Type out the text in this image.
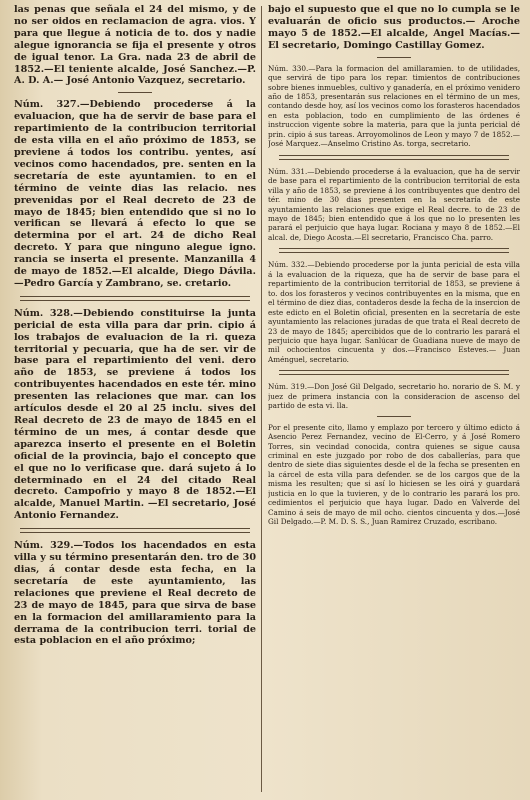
las penas que señala el 24 del mismo, y de no ser oidos en reclamacion de agra. vios. Y para que llegue á noticia de to. dos y nadie alegue ignorancia se fija el presente y otros de igual tenor. La Gra. nada 23 de abril de 1852.—El teniente alcalde, José Sanchez.—P. A. D. A.— José Antonio Vazquez, secretario.

Núm. 327.—Debiendo procederse á la evaluacion, que ha de servir de base para el repartimiento de la contribucion territorial de esta villa en el año próximo de 1853, se previene á todos los contribu. yentes, así vecinos como hacendados, pre. senten en la secretaría de este ayuntamien. to en el término de veinte dias las relacio. nes prevenidas por el Real decreto de 23 de mayo de 1845; bien entendido que si no lo verifican se llevará á efecto lo que se determina por el art. 24 de dicho Real decreto. Y para que ninguno alegue igno. rancia se inserta el presente. Manzanilla 4 de mayo de 1852.—El alcalde, Diego Dávila.—Pedro García y Zambrano, se. cretario.

Núm. 328.—Debiendo constituirse la junta pericial de esta villa para dar prin. cipio á los trabajos de evaluacion de la ri. queza territorial y pecuaria, que ha de ser. vir de base para el repartimiento del veni. dero año de 1853, se previene á todos los contribuyentes hacendados en este tér. mino presenten las relaciones que mar. can los artículos desde el 20 al 25 inclu. sives del Real decreto de 23 de mayo de 1845 en el término de un mes, á contar desde que aparezca inserto el presente en el Boletin oficial de la provincia, bajo el concepto que el que no lo verificase que. dará sujeto á lo determinado en el 24 del citado Real decreto. Campofrio y mayo 8 de 1852.—El alcalde, Manuel Martin. —El secretario, José Antonio Fernandez.

Núm. 329.—Todos los hacendados en esta villa y su término presentarán den. tro de 30 dias, á contar desde esta fecha, en la secretaría de este ayuntamiento, las relaciones que previene el Real decreto de 23 de mayo de 1845, para que sirva de base en la formacion del amillaramiento para la derrama de la contribucion terri. torial de esta poblacion en el año próximo;

bajo el supuesto que el que no lo cumpla se le evaluarán de oficio sus productos.— Aroche mayo 5 de 1852.—El alcalde, Angel Macías.—El secretario, Domingo Castillay Gomez.

Núm. 330.—Para la formacion del amillaramien. to de utilidades, que servirá de tipo para los repar. timientos de contribuciones sobre bienes inmuebles, cultivo y ganadería, en el próximo venidero año de 1853, presentarán sus relaciones en el término de un mes, contando desde hoy, así los vecinos como los forasteros hacendados en esta poblacion, todo en cumplimiento de las órdenes é instruccion vigente sobre la materia, para que la junta pericial dé prin. cipio á sus tareas. Arroyomolinos de Leon y mayo 7 de 1852.—José Marquez.—Anselmo Cristino As. torga, secretario.

Núm. 331.—Debiendo procederse á la evaluacion, que ha de servir de base para el repartimiento de la contribucion territorial de esta villa y año de 1853, se previene á los contribuyentes que dentro del tér. mino de 30 dias presenten en la secretaría de este ayuntamiento las relaciones que exige el Real decre. to de 23 de mayo de 1845; bien entendido que á los que no lo presenten les parará el perjuicio que haya lugar. Rociana y mayo 8 de 1852.—El alcal. de, Diego Acosta.—El secretario, Francisco Cha. parro.

Núm. 332.—Debiendo procederse por la junta pericial de esta villa á la evaluacion de la riqueza, que ha de servir de base para el repartimiento de la contribucion territorial de 1853, se previene á to. dos los forasteros y vecinos contribuyentes en la misma, que en el término de diez dias, contaderos desde la fecha de la insercion de este edicto en el Boletin oficial, presenten en la secretaría de este ayuntamiento las relaciones juradas de que trata el Real decreto de 23 de mayo de 1845; apercibidos que de lo contrario les parará el perjuicio que haya lugar. Sanlúcar de Guadiana nueve de mayo de mil ochocientos cincuenta y dos.—Francisco Esteves.— Juan Aménguel, secretario.

Núm. 319.—Don José Gil Delgado, secretario ho. norario de S. M. y juez de primera instancia con la consideracion de ascenso del partido de esta vi. lla.

Por el presente cito, llamo y emplazo por tercero y último edicto á Asencio Perez Fernandez, vecino de El-Cerro, y á José Romero Torres, sin vecindad conocida, contra quienes se sigue causa criminal en este juzgado por robo de dos caballerías, para que dentro de siete dias siguientes desde el de la fecha se presenten en la cárcel de esta villa para defender. se de los cargos que de la misma les resulten; que si así lo hiciesen se les oirá y guardará justicia en lo que la tuvieren, y de lo contrario les parará los pro. cedimientos el perjuicio que haya lugar. Dado en Valverde del Camino á seis de mayo de mil ocho. cientos cincuenta y dos.—José Gil Delgado.—P. M. D. S. S., Juan Ramirez Cruzado, escribano.
